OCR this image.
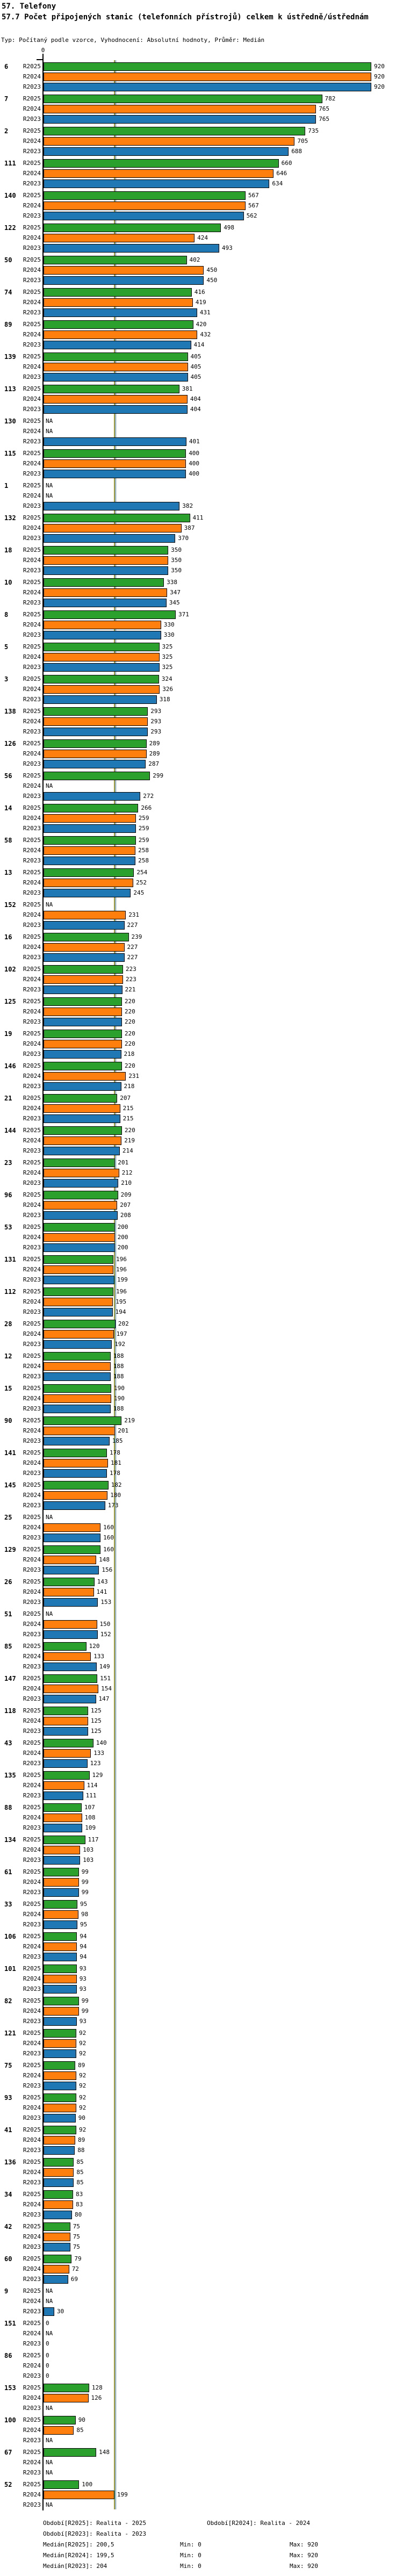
57. Telefony
57.7 Počet připojených stanic (telefonních přístrojů) celkem k ústředně/ústřednám
Typ: Počítaný podle vzorce, Vyhodnocení: Absolutní hodnoty, Průměr: Medián
0
6	R2025	920
R2024	920
R2023	920
7	R2025	782
R2024	765
R2023	765
2	R2025	735
R2024	705
R2023	688
111	R2025	660
R2024	646
R2023	634
140	R2025	567
R2024	567
R2023	562
122	R2025	498
R2024	424
R2023	493
50	R2025	402
R2024	450
R2023	450
74	R2025	416
R2024	419
R2023	431
89	R2025	420
R2024	432
R2023	414
139	R2025	405
R2024	405
R2023	405
113	R2025	381
R2024	404
R2023	404
130	R2025 NA
R2024 NA
R2023	401
115	R2025	400
R2024	400
R2023	400
1	R2025 NA
R2024 NA
R2023	382
132	R2025	411
R2024	387
R2023	370
18	R2025	350
R2024	350
R2023	350
10	R2025	338
R2024	347
R2023	345
8	R2025	371
R2024	330
R2023	330
5	R2025	325
R2024	325
R2023	325
3	R2025	324
R2024	326
R2023	318
138	R2025	293
R2024	293
R2023	293
126	R2025	289
R2024	289
R2023	287
56	R2025	299
R2024 NA
R2023	272
14	R2025	266
R2024	259
R2023	259
58	R2025	259
R2024	258
R2023	258
13	R2025	254
R2024	252
R2023	245
152	R2025 NA
R2024	231
R2023	227
16	R2025	239
R2024	227
R2023	227
102	R2025	223
R2024	223
R2023	221
125	R2025	220
R2024	220
R2023	220
19	R2025	220
R2024	220
R2023	218
146	R2025	220
R2024	231
R2023	218
21	R2025	207
R2024	215
R2023	215
144	R2025	220
R2024	219
R2023	214
23	R2025	201
R2024	212
R2023	210
96	R2025	209
R2024	207
R2023	208
53	R2025	200
R2024	200
R2023	200
131	R2025	196
R2024	196
R2023	199
112	R2025	196
R2024	195
R2023	194
28	R2025	202
R2024	197
R2023	192
12	R2025	188
R2024	188
R2023	188
15	R2025	190
R2024	190
R2023	188
90	R2025	219
R2024	201
R2023	185
141	R2025	178
R2024	181
R2023	178
145	R2025	182
R2024	180
R2023	173
25	R2025 NA
R2024	160
R2023	160
129	R2025	160
R2024	148
R2023	156
26	R2025	143
R2024	141
R2023	153
51	R2025 NA
R2024	150
R2023	152
85	R2025	120
R2024	133
R2023	149
147	R2025	151
R2024	154
R2023	147
118	R2025	125
R2024	125
R2023	125
43	R2025	140
R2024	133
R2023	123
135	R2025	129
R2024	114
R2023	111
88	R2025	107
R2024	108
R2023	109
134	R2025	117
R2024	103
R2023	103
61	R2025	99
R2024	99
R2023	99
33	R2025	95
R2024	98
R2023	95
106	R2025	94
R2024	94
R2023	94
101	R2025	93
R2024	93
R2023	93
82	R2025	99
R2024	99
R2023	93
121	R2025	92
R2024	92
R2023	92
75	R2025	89
R2024	92
R2023	92
93	R2025	92
R2024	92
R2023	90
41	R2025	92
R2024	89
R2023	88
136	R2025	85
R2024	85
R2023	85
34	R2025	83
R2024	83
R2023	80
42	R2025	75
R2024	75
R2023	75
60	R2025	79
R2024	72
R2023	69
9	R2025 NA
R2024 NA
R2023	30
151	R2025 0
R2024 NA
R2023 0
86	R2025 0
R2024 0
R2023 0
153	R2025	128
R2024	126
R2023 NA
100	R2025	90
R2024	85
R2023 NA
67	R2025	148
R2024 NA
R2023 NA
52	R2025	100
R2024	199
R2023 NA
Období[R2025]: Realita - 2025	Období[R2024]: Realita - 2024
Období[R2023]: Realita - 2023
Medián[R2025]: 200,5	Min: 0	Max: 920
Medián[R2024]: 199,5	Min: 0	Max: 920
Medián[R2023]: 204	Min: 0	Max: 920
